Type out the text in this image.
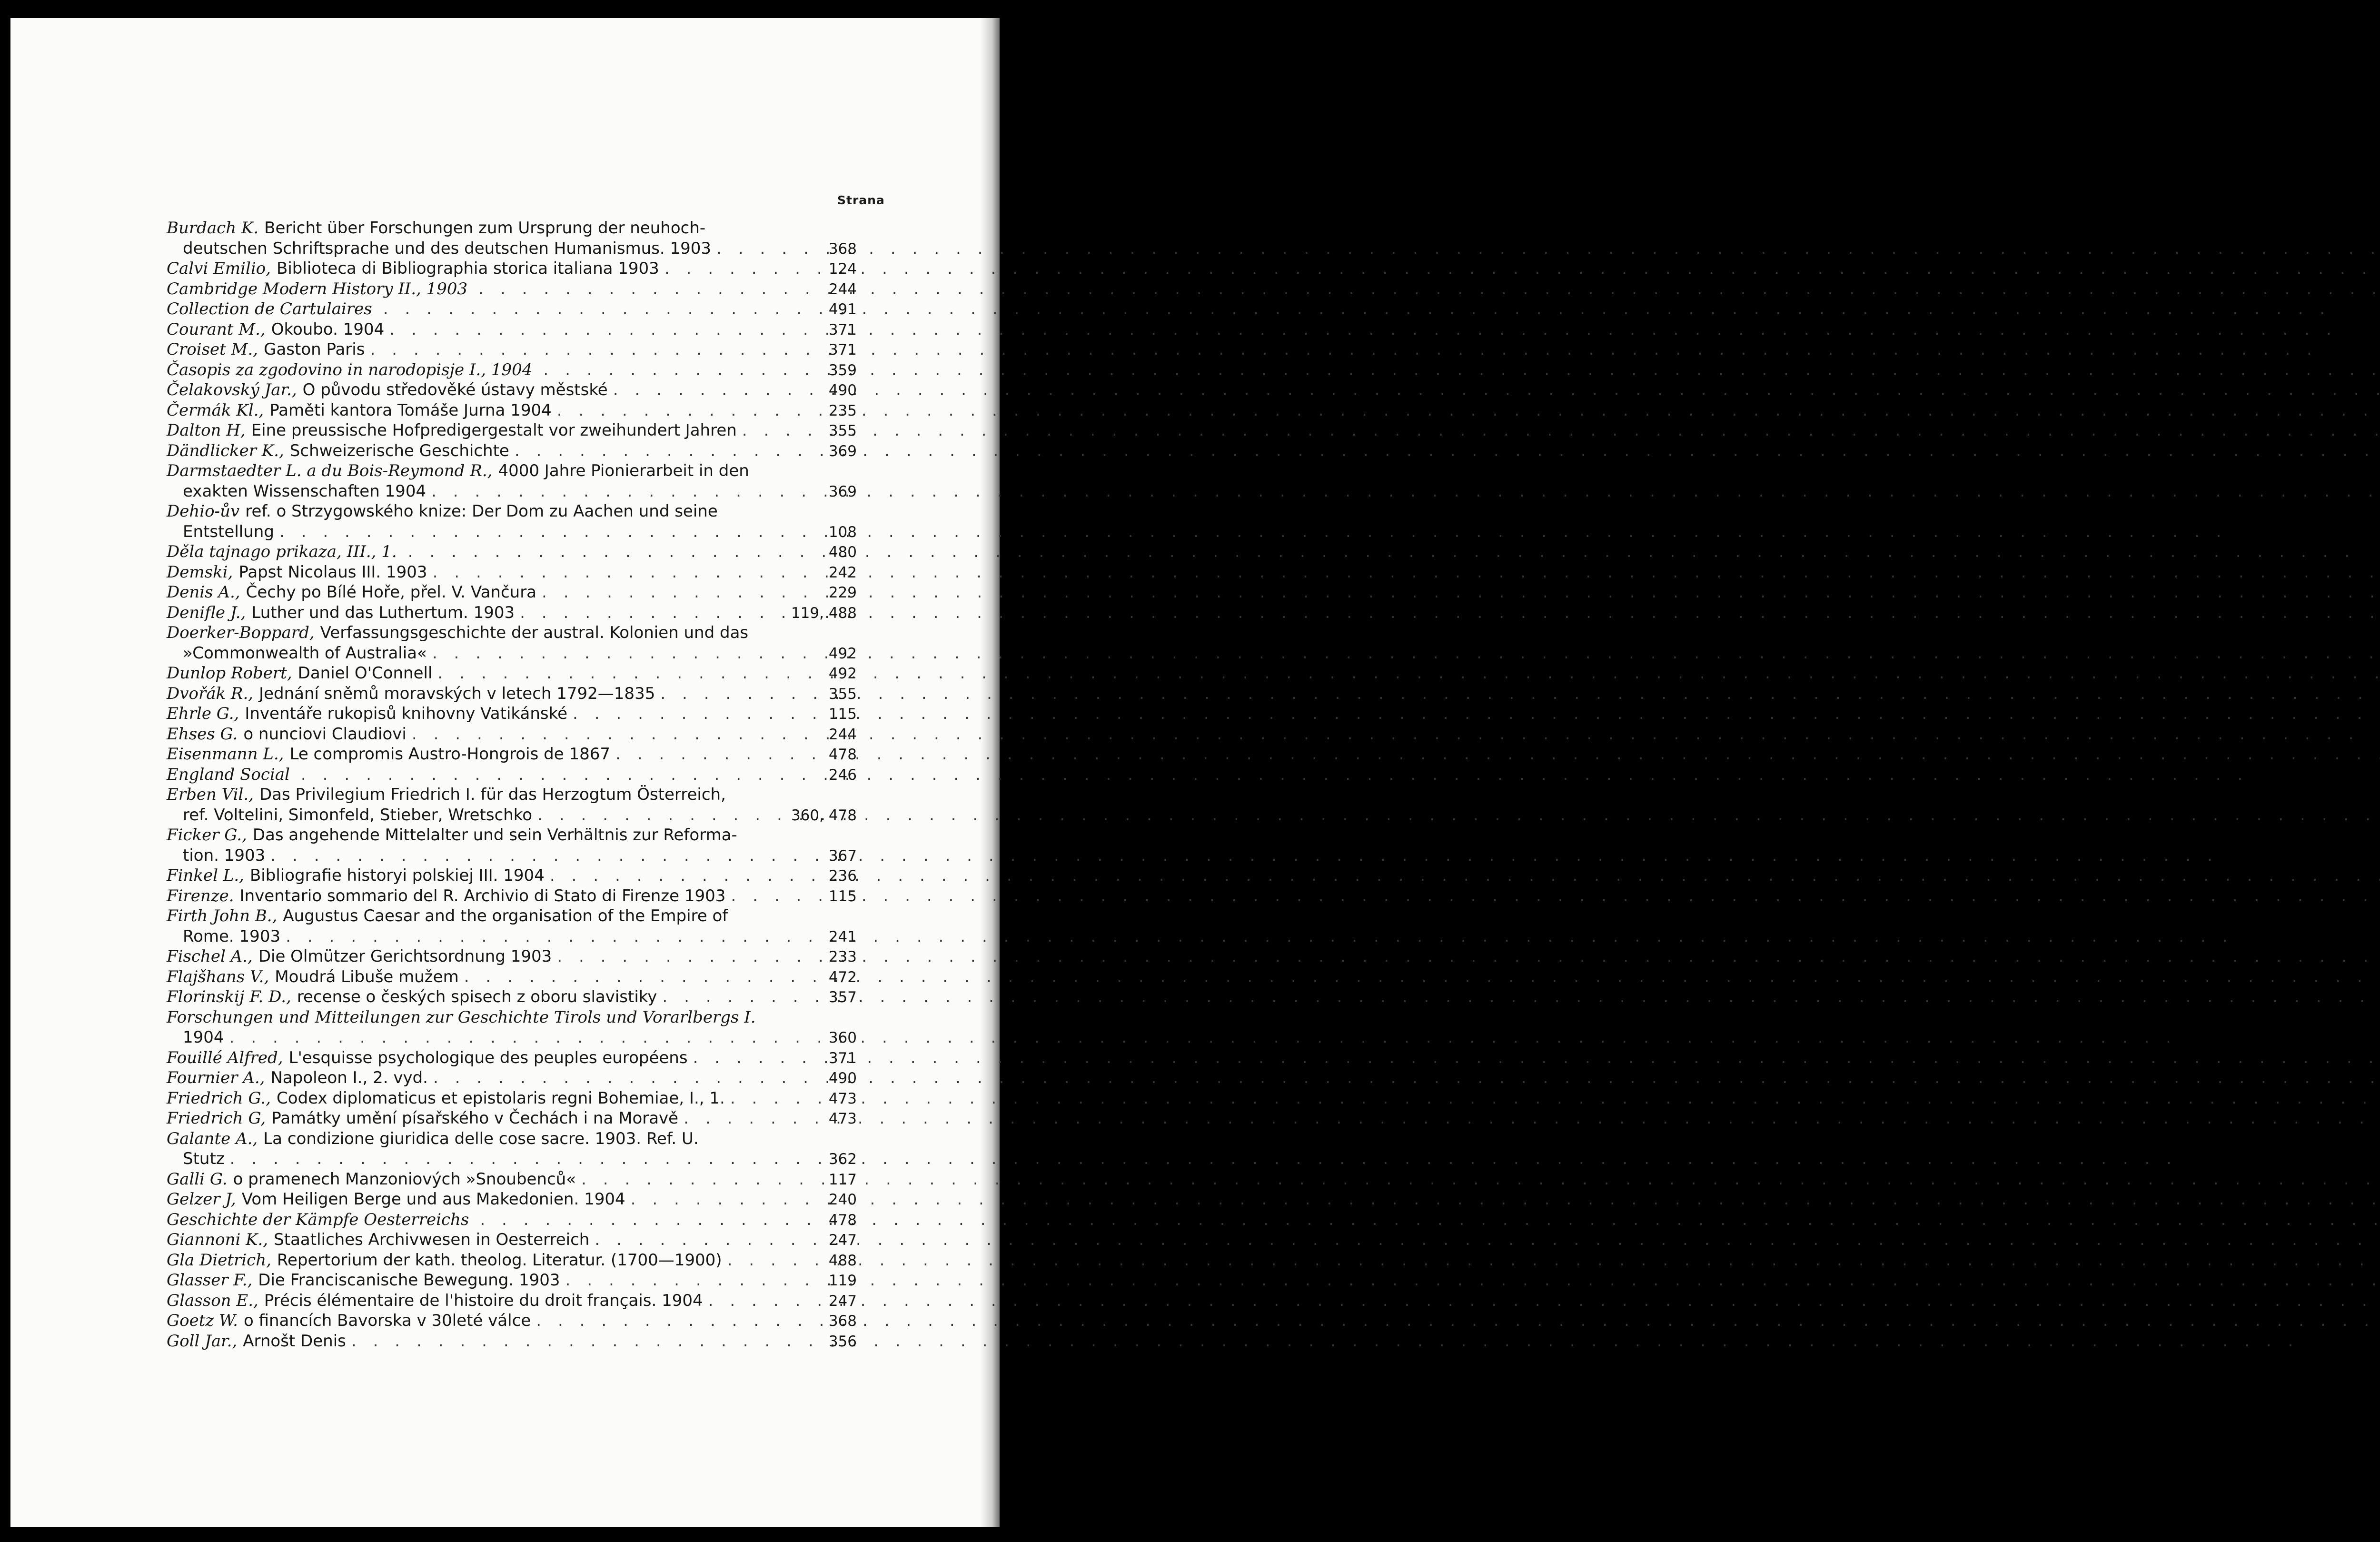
Strana
Burdach K. Bericht über Forschungen zum Ursprung der neuhoch-
deutschen Schriftsprache und des deutschen Humanismus. 1903 . . .	368
Calvi Emilio, Biblioteca di Bibliographia storica italiana 1903 . . .	124
Cambridge Modern History II., 1903 . . .	244
Collection de Cartulaires . . .	491
Courant M., Okoubo. 1904 . . .	371
Croiset M., Gaston Paris . . .	371
Časopis za zgodovino in narodopisje I., 1904 . . .	359
Čelakovský Jar., O původu středověké ústavy městské . . .	490
Čermák Kl., Paměti kantora Tomáše Jurna 1904 . . .	235
Dalton H, Eine preussische Hofpredigergestalt vor zweihundert Jahren . . .	355
Dändlicker K., Schweizerische Geschichte . . .	369
Darmstaedter L. a du Bois-Reymond R., 4000 Jahre Pionierarbeit in den
exakten Wissenschaften 1904 . . .	369
Dehio-ův ref. o Strzygowského knize: Der Dom zu Aachen und seine
Entstellung . . .	108
Děla tajnago prikaza, III., 1. . . .	480
Demski, Papst Nicolaus III. 1903 . . .	242
Denis A., Čechy po Bílé Hoře, přel. V. Vančura . . .	229
Denifle J., Luther und das Luthertum. 1903 . . .	119, 488
Doerker-Boppard, Verfassungsgeschichte der austral. Kolonien und das
»Commonwealth of Australia« . . .	492
Dunlop Robert, Daniel O'Connell . . .	492
Dvořák R., Jednání sněmů moravských v letech 1792—1835 . . .	355
Ehrle G., Inventáře rukopisů knihovny Vatikánské . . .	115
Ehses G. o nunciovi Claudiovi . . .	244
Eisenmann L., Le compromis Austro-Hongrois de 1867 . . .	478
England Social . . .	246
Erben Vil., Das Privilegium Friedrich I. für das Herzogtum Österreich,
ref. Voltelini, Simonfeld, Stieber, Wretschko . . .	360, 478
Ficker G., Das angehende Mittelalter und sein Verhältnis zur Reforma-
tion. 1903 . . .	367
Finkel L., Bibliografie historyi polskiej III. 1904 . . .	236
Firenze. Inventario sommario del R. Archivio di Stato di Firenze 1903 . . .	115
Firth John B., Augustus Caesar and the organisation of the Empire of
Rome. 1903 . . .	241
Fischel A., Die Olmützer Gerichtsordnung 1903 . . .	233
Flajšhans V., Moudrá Libuše mužem . . .	472
Florinskij F. D., recense o českých spisech z oboru slavistiky . . .	357
Forschungen und Mitteilungen zur Geschichte Tirols und Vorarlbergs I.
1904 . . .	360
Fouillé Alfred, L'esquisse psychologique des peuples européens . . .	371
Fournier A., Napoleon I., 2. vyd. . . .	490
Friedrich G., Codex diplomaticus et epistolaris regni Bohemiae, I., 1. . . .	473
Friedrich G, Památky umění písařského v Čechách i na Moravě . . .	473
Galante A., La condizione giuridica delle cose sacre. 1903. Ref. U.
Stutz . . .	362
Galli G. o pramenech Manzoniových »Snoubenců« . . .	117
Gelzer J, Vom Heiligen Berge und aus Makedonien. 1904 . . .	240
Geschichte der Kämpfe Oesterreichs . . .	478
Giannoni K., Staatliches Archivwesen in Oesterreich . . .	247
Gla Dietrich, Repertorium der kath. theolog. Literatur. (1700—1900) . . .	488
Glasser F., Die Franciscanische Bewegung. 1903 . . .	119
Glasson E., Précis élémentaire de l'histoire du droit français. 1904 . . .	247
Goetz W. o financích Bavorska v 30leté válce . . .	368
Goll Jar., Arnošt Denis . . .	356
